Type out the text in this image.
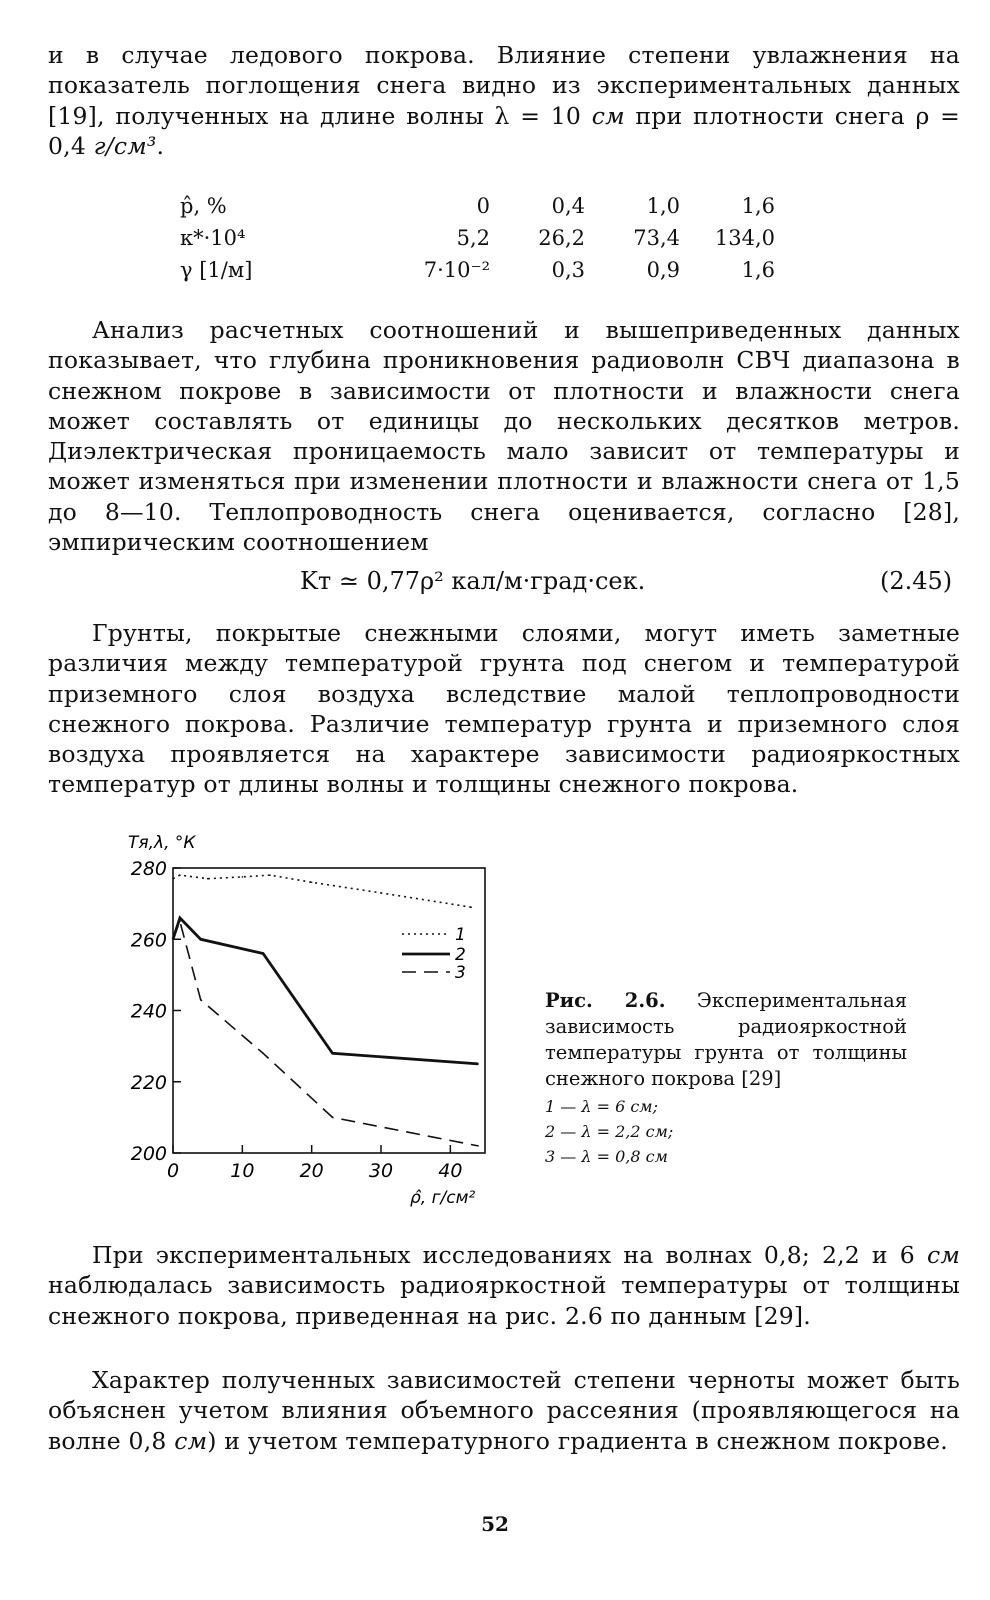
и в случае ледового покрова. Влияние степени увлажнения на показатель поглощения снега видно из экспериментальных данных [19], полученных на длине волны λ = 10 см при плотности снега ρ = 0,4 г/см³.

p̂, %	0	0,4	1,0	1,6
κ*·10⁴	5,2	26,2	73,4	134,0
γ [1/м]	7·10⁻²	0,3	0,9	1,6

Анализ расчетных соотношений и вышеприведенных данных показывает, что глубина проникновения радиоволн СВЧ диапазона в снежном покрове в зависимости от плотности и влажности снега может составлять от единицы до нескольких десятков метров. Диэлектрическая проницаемость мало зависит от температуры и может изменяться при изменении плотности и влажности снега от 1,5 до 8—10. Теплопроводность снега оценивается, согласно [28], эмпирическим соотношением

Kт ≃ 0,77ρ² кал/м·град·сек.	(2.45)

Грунты, покрытые снежными слоями, могут иметь заметные различия между температурой грунта под снегом и температурой приземного слоя воздуха вследствие малой теплопроводности снежного покрова. Различие температур грунта и приземного слоя воздуха проявляется на характере зависимости радиояркостных температур от длины волны и толщины снежного покрова.

200
220
240
260
280
0	10 20 30 40
Tя,λ, °К
ρ̂, г/см²
1
2
3

Рис. 2.6. Экспериментальная зависимость радиояркостной температуры грунта от толщины снежного покрова [29]

1 — λ = 6 см;
2 — λ = 2,2 см;
3 — λ = 0,8 см

При экспериментальных исследованиях на волнах 0,8; 2,2 и 6 см наблюдалась зависимость радиояркостной температуры от толщины снежного покрова, приведенная на рис. 2.6 по данным [29].

Характер полученных зависимостей степени черноты может быть объяснен учетом влияния объемного рассеяния (проявляющегося на волне 0,8 см) и учетом температурного градиента в снежном покрове.

52
